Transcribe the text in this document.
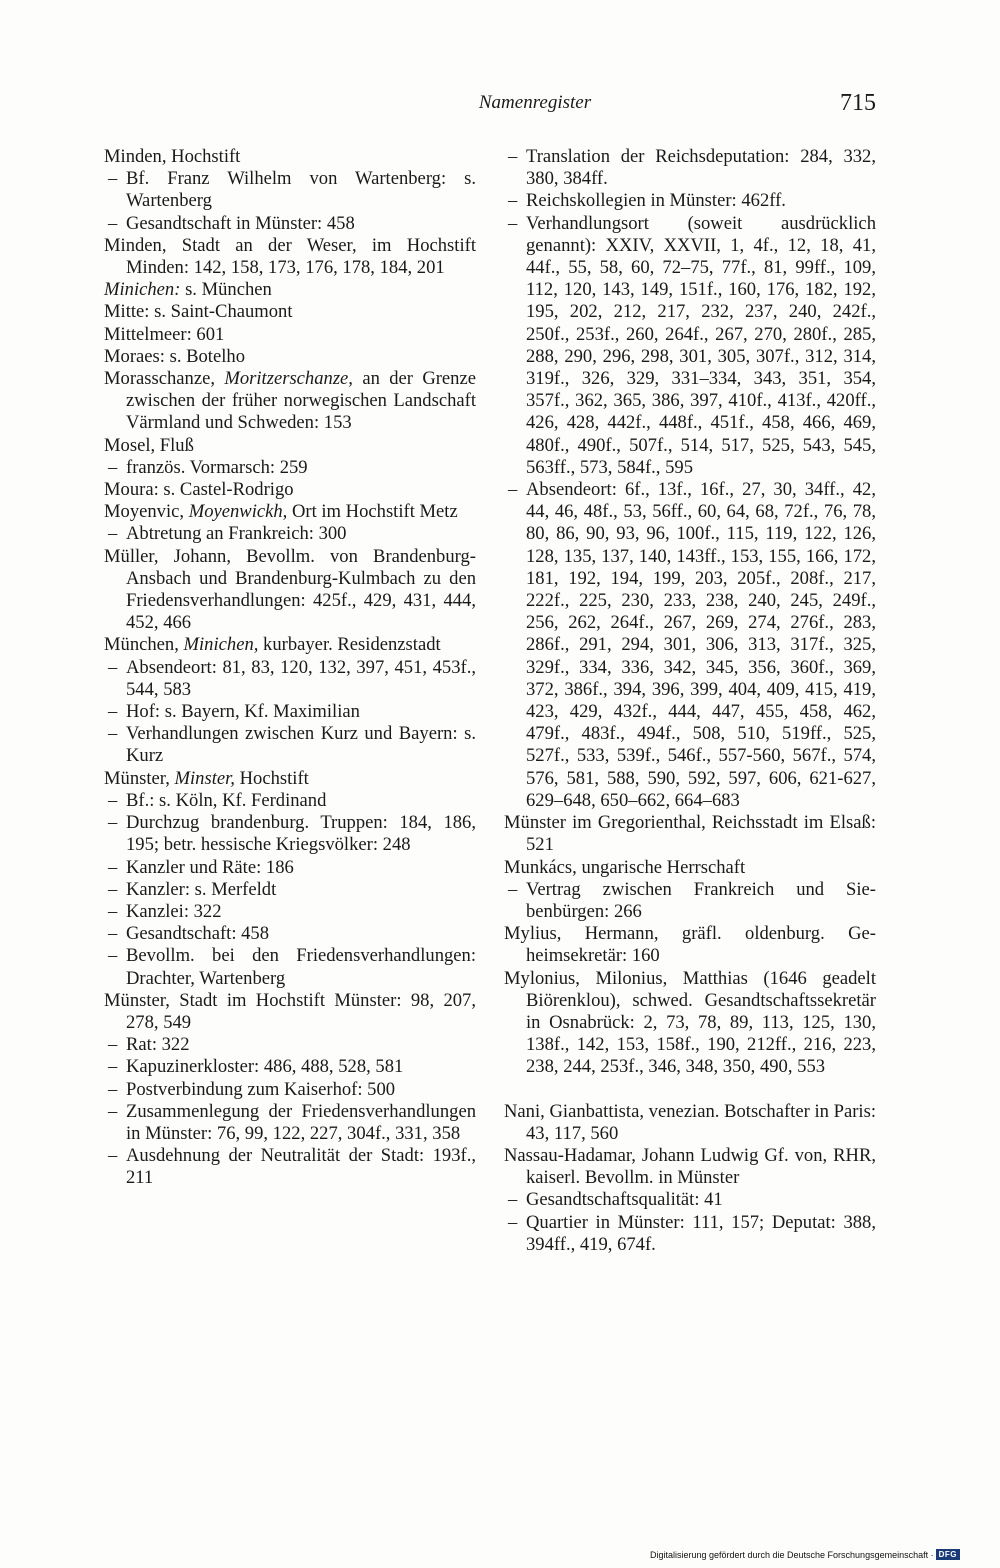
Namenregister	715

Minden, Hochstift

– Bf. Franz Wilhelm von Wartenberg: s. Wartenberg

– Gesandtschaft in Münster: 458

Minden, Stadt an der Weser, im Hochstift Minden: 142, 158, 173, 176, 178, 184, 201

Minichen: s. München

Mitte: s. Saint-Chaumont

Mittelmeer: 601

Moraes: s. Botelho

Morasschanze, Moritzerschanze, an der Grenze zwischen der früher norwegischen Landschaft Värmland und Schweden: 153

Mosel, Fluß

– französ. Vormarsch: 259

Moura: s. Castel-Rodrigo

Moyenvic, Moyenwickh, Ort im Hochstift Metz

– Abtretung an Frankreich: 300

Müller, Johann, Bevollm. von Brandenburg-Ansbach und Brandenburg-Kulmbach zu den Friedensverhandlungen: 425f., 429, 431, 444, 452, 466

München, Minichen, kurbayer. Residenzstadt

– Absendeort: 81, 83, 120, 132, 397, 451, 453f., 544, 583

– Hof: s. Bayern, Kf. Maximilian

– Verhandlungen zwischen Kurz und Bayern: s. Kurz

Münster, Minster, Hochstift

– Bf.: s. Köln, Kf. Ferdinand

– Durchzug brandenburg. Truppen: 184, 186, 195; betr. hessische Kriegsvölker: 248

– Kanzler und Räte: 186

– Kanzler: s. Merfeldt

– Kanzlei: 322

– Gesandtschaft: 458

– Bevollm. bei den Friedensverhandlungen: Drachter, Wartenberg

Münster, Stadt im Hochstift Münster: 98, 207, 278, 549

– Rat: 322

– Kapuzinerkloster: 486, 488, 528, 581

– Postverbindung zum Kaiserhof: 500

– Zusammenlegung der Friedensverhandlungen in Münster: 76, 99, 122, 227, 304f., 331, 358

– Ausdehnung der Neutralität der Stadt: 193f., 211

– Translation der Reichsdeputation: 284, 332, 380, 384ff.

– Reichskollegien in Münster: 462ff.

– Verhandlungsort (soweit ausdrücklich genannt): XXIV, XXVII, 1, 4f., 12, 18, 41, 44f., 55, 58, 60, 72–75, 77f., 81, 99ff., 109, 112, 120, 143, 149, 151f., 160, 176, 182, 192, 195, 202, 212, 217, 232, 237, 240, 242f., 250f., 253f., 260, 264f., 267, 270, 280f., 285, 288, 290, 296, 298, 301, 305, 307f., 312, 314, 319f., 326, 329, 331–334, 343, 351, 354, 357f., 362, 365, 386, 397, 410f., 413f., 420ff., 426, 428, 442f., 448f., 451f., 458, 466, 469, 480f., 490f., 507f., 514, 517, 525, 543, 545, 563ff., 573, 584f., 595

– Absendeort: 6f., 13f., 16f., 27, 30, 34ff., 42, 44, 46, 48f., 53, 56ff., 60, 64, 68, 72f., 76, 78, 80, 86, 90, 93, 96, 100f., 115, 119, 122, 126, 128, 135, 137, 140, 143ff., 153, 155, 166, 172, 181, 192, 194, 199, 203, 205f., 208f., 217, 222f., 225, 230, 233, 238, 240, 245, 249f., 256, 262, 264f., 267, 269, 274, 276f., 283, 286f., 291, 294, 301, 306, 313, 317f., 325, 329f., 334, 336, 342, 345, 356, 360f., 369, 372, 386f., 394, 396, 399, 404, 409, 415, 419, 423, 429, 432f., 444, 447, 455, 458, 462, 479f., 483f., 494f., 508, 510, 519ff., 525, 527f., 533, 539f., 546f., 557-560, 567f., 574, 576, 581, 588, 590, 592, 597, 606, 621-627, 629–648, 650–662, 664–683

Münster im Gregorienthal, Reichsstadt im Elsaß: 521

Munkács, ungarische Herrschaft

– Vertrag zwischen Frankreich und Siebenbürgen: 266

Mylius, Hermann, gräfl. oldenburg. Geheimsekretär: 160

Mylonius, Milonius, Matthias (1646 geadelt Biörenklou), schwed. Gesandtschaftssekretär in Osnabrück: 2, 73, 78, 89, 113, 125, 130, 138f., 142, 153, 158f., 190, 212ff., 216, 223, 238, 244, 253f., 346, 348, 350, 490, 553

Nani, Gianbattista, venezian. Botschafter in Paris: 43, 117, 560

Nassau-Hadamar, Johann Ludwig Gf. von, RHR, kaiserl. Bevollm. in Münster

– Gesandtschaftsqualität: 41

– Quartier in Münster: 111, 157; Deputat: 388, 394ff., 419, 674f.

Digitalisierung gefördert durch die Deutsche Forschungsgemeinschaft · DFG
